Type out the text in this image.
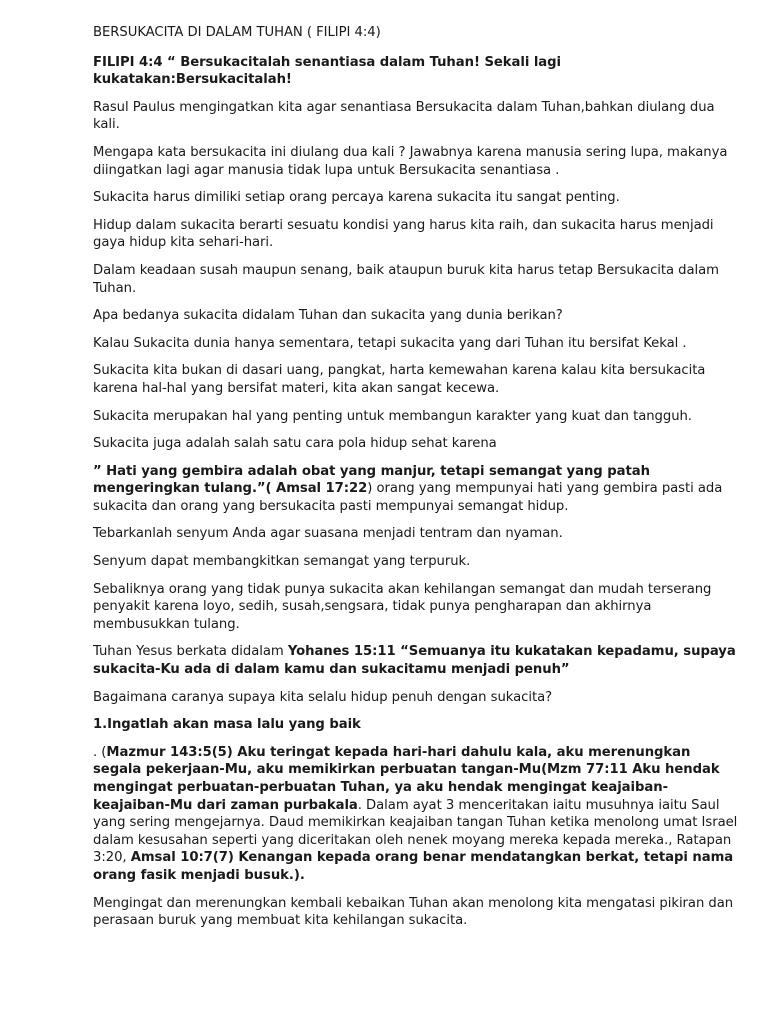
BERSUKACITA DI DALAM TUHAN ( FILIPI 4:4)

FILIPI 4:4 “ Bersukacitalah senantiasa dalam Tuhan! Sekali lagi kukatakan:Bersukacitalah!

Rasul Paulus mengingatkan kita agar senantiasa Bersukacita dalam Tuhan,bahkan diulang dua kali.

Mengapa kata bersukacita ini diulang dua kali ? Jawabnya karena manusia sering lupa, makanya diingatkan lagi agar manusia tidak lupa untuk Bersukacita senantiasa .

Sukacita harus dimiliki setiap orang percaya karena sukacita itu sangat penting.

Hidup dalam sukacita berarti sesuatu kondisi yang harus kita raih, dan sukacita harus menjadi gaya hidup kita sehari-hari.

Dalam keadaan susah maupun senang, baik ataupun buruk kita harus tetap Bersukacita dalam Tuhan.

Apa bedanya sukacita didalam Tuhan dan sukacita yang dunia berikan?

Kalau Sukacita dunia hanya sementara, tetapi sukacita yang dari Tuhan itu bersifat Kekal .

Sukacita kita bukan di dasari uang, pangkat, harta kemewahan karena kalau kita bersukacita karena hal-hal yang bersifat materi, kita akan sangat kecewa.

Sukacita merupakan hal yang penting untuk membangun karakter yang kuat dan tangguh.

Sukacita juga adalah salah satu cara pola hidup sehat karena

” Hati yang gembira adalah obat yang manjur, tetapi semangat yang patah mengeringkan tulang.”( Amsal 17:22) orang yang mempunyai hati yang gembira pasti ada sukacita dan orang yang bersukacita pasti mempunyai semangat hidup.

Tebarkanlah senyum Anda agar suasana menjadi tentram dan nyaman.

Senyum dapat membangkitkan semangat yang terpuruk.

Sebaliknya orang yang tidak punya sukacita akan kehilangan semangat dan mudah terserang penyakit karena loyo, sedih, susah,sengsara, tidak punya pengharapan dan akhirnya membusukkan tulang.

Tuhan Yesus berkata didalam Yohanes 15:11 “Semuanya itu kukatakan kepadamu, supaya sukacita-Ku ada di dalam kamu dan sukacitamu menjadi penuh”

Bagaimana caranya supaya kita selalu hidup penuh dengan sukacita?

1.Ingatlah akan masa lalu yang baik

. (Mazmur 143:5(5) Aku teringat kepada hari-hari dahulu kala, aku merenungkan segala pekerjaan-Mu, aku memikirkan perbuatan tangan-Mu(Mzm 77:11 Aku hendak mengingat perbuatan-perbuatan Tuhan, ya aku hendak mengingat keajaiban-keajaiban-Mu dari zaman purbakala. Dalam ayat 3 menceritakan iaitu musuhnya iaitu Saul yang sering mengejarnya. Daud memikirkan keajaiban tangan Tuhan ketika menolong umat Israel dalam kesusahan seperti yang diceritakan oleh nenek moyang mereka kepada mereka., Ratapan 3:20, Amsal 10:7(7) Kenangan kepada orang benar mendatangkan berkat, tetapi nama orang fasik menjadi busuk.).

Mengingat dan merenungkan kembali kebaikan Tuhan akan menolong kita mengatasi pikiran dan perasaan buruk yang membuat kita kehilangan sukacita.
